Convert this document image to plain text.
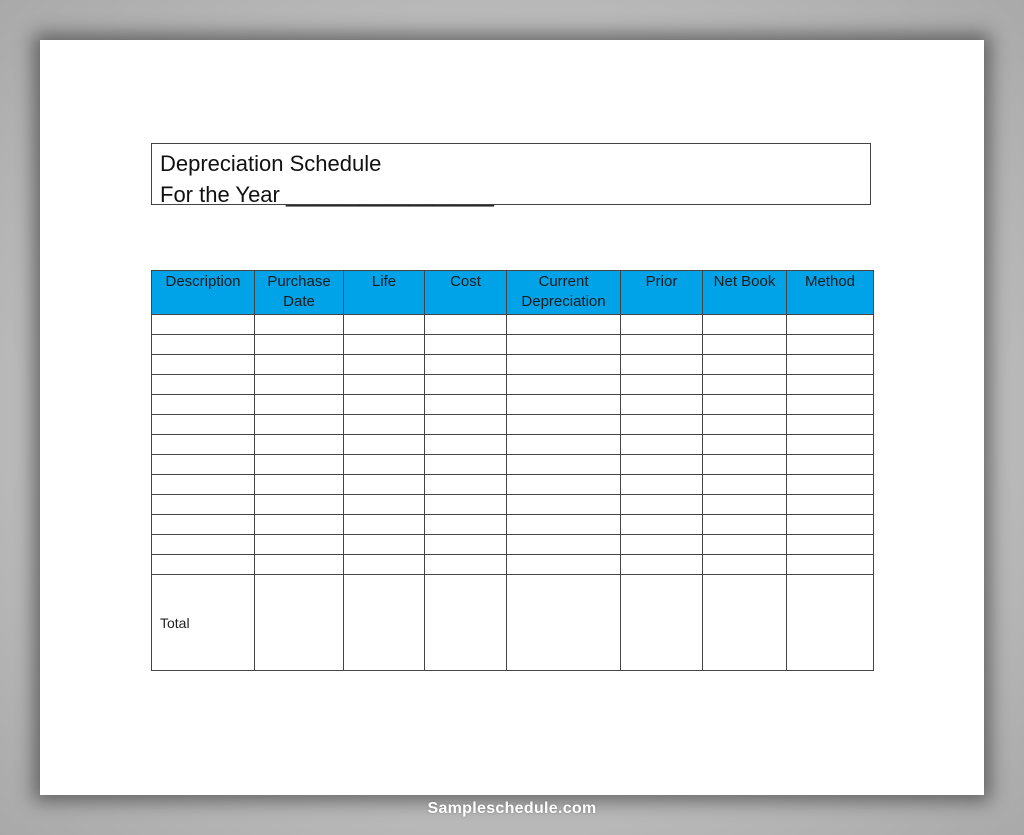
Depreciation Schedule
For the Year _________________
Description	Purchase Date	Life	Cost	Current Depreciation	Prior	Net Book	Method

Total							
Sampleschedule.com
